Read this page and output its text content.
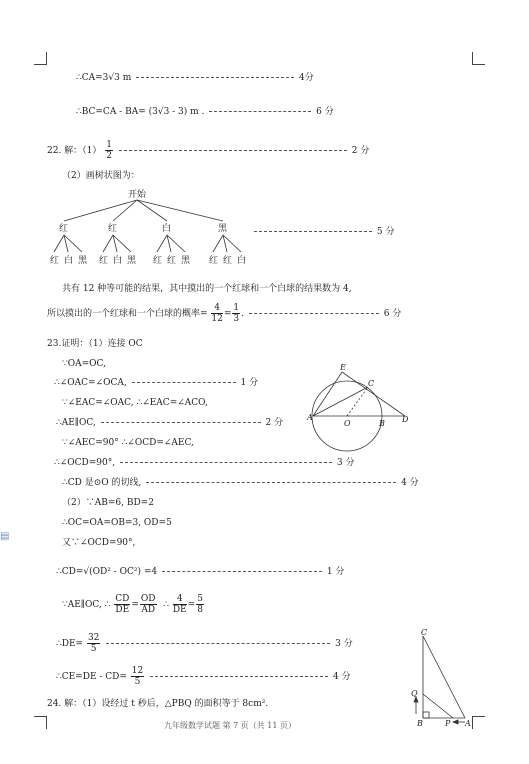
▤
∴CA=3√3 m	4分
∴BC=CA - BA= (3√3 - 3) m .	6 分
22. 解：$(1) \frac{1}{2}$	2 分
（2）画树状图为：
开始
红	红	白	黑
红 白 黑 红 白 黑 红 红 黑 红 红 白
5 分
共有 12 种等可能的结果，其中摸出的一个红球和一个白球的结果数为 4,
所以摸出的一个红球和一个白球的概率= $\frac{4}{12} = \frac{1}{3}$ .	6 分
23.证明：（1）连接 OC
∵OA=OC,
∴∠OAC=∠OCA,	1 分
∵∠EAC=∠OAC, ∴∠EAC=∠ACO,
∴AE∥OC,	2 分
∵∠AEC=90° ∴∠OCD=∠AEC,
∴∠OCD=90°,	3 分
∴CD 是⊙O 的切线,	4 分
（2）∵AB=6, BD=2
∴OC=OA=OB=3, OD=5
又∵∠OCD=90°,
∴CD=√(OD² - OC²) =4	1 分
∵AE∥OC, ∴ $\frac{CD}{DE} = \frac{OD}{AD}$ ∴ $\frac{4}{DE} = \frac{5}{8}$
∴DE= $\frac{32}{5}$	3 分
∴CE=DE - $CD= \frac{12}{5}$	4 分
24. 解：（1）设经过 t 秒后，△PBQ 的面积等于 8cm².
九年级数学试题 第 7 页（共 11 页）
E
C
A
O	B D
C
Q
B	P A
